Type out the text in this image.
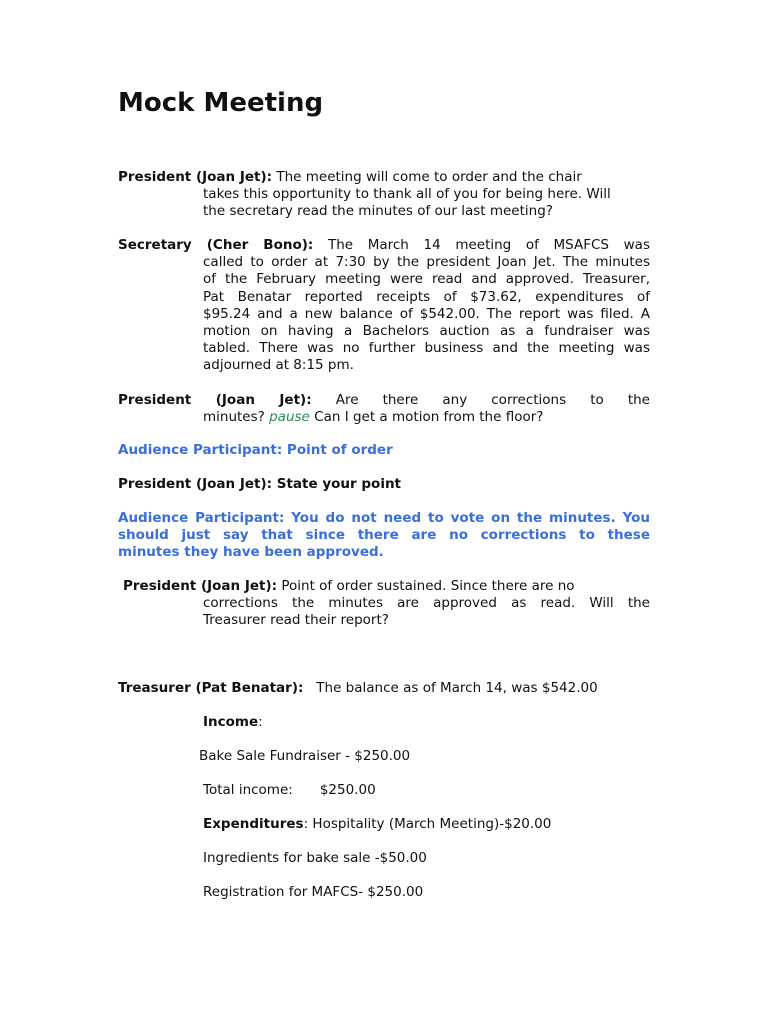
Mock Meeting
President (Joan Jet): The meeting will come to order and the chair
takes this opportunity to thank all of you for being here. Will
the secretary read the minutes of our last meeting?
Secretary (Cher Bono): The March 14 meeting of MSAFCS was
called to order at 7:30 by the president Joan Jet. The minutes
of the February meeting were read and approved. Treasurer,
Pat Benatar reported receipts of $73.62, expenditures of
$95.24 and a new balance of $542.00. The report was filed. A
motion on having a Bachelors auction as a fundraiser was
tabled. There was no further business and the meeting was
adjourned at 8:15 pm.
President (Joan Jet): Are there any corrections to the
minutes? pause Can I get a motion from the floor?
Audience Participant: Point of order
President (Joan Jet): State your point
Audience Participant: You do not need to vote on the minutes. You
should just say that since there are no corrections to these
minutes they have been approved.
President (Joan Jet): Point of order sustained. Since there are no
corrections the minutes are approved as read. Will the
Treasurer read their report?
Treasurer (Pat Benatar):   The balance as of March 14, was $542.00
Income:
Bake Sale Fundraiser - $250.00
Total income: $250.00
Expenditures: Hospitality (March Meeting)-$20.00
Ingredients for bake sale -$50.00
Registration for MAFCS- $250.00
